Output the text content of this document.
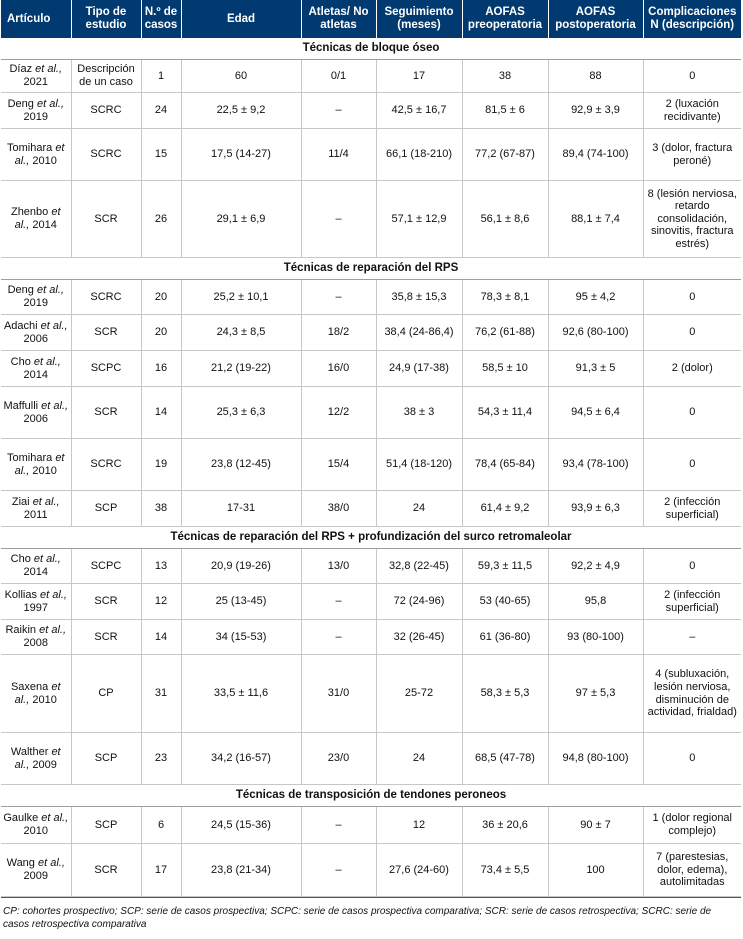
Artículo	Tipo de estudio	N.º de casos	Edad	Atletas/ No atletas	Seguimiento (meses)	AOFAS preoperatoria	AOFAS postoperatoria	Complicaciones N (descripción)
Técnicas de bloque óseo								
Díaz et al., 2021	Descripción de un caso	1	60	0/1	17	38	88	0
Deng et al., 2019	SCRC	24	22,5 ± 9,2	–	42,5 ± 16,7	81,5 ± 6	92,9 ± 3,9	2 (luxación recidivante)
Tomihara et al., 2010	SCRC	15	17,5 (14-27)	11/4	66,1 (18-210)	77,2 (67-87)	89,4 (74-100)	3 (dolor, fractura peroné)
Zhenbo et al., 2014	SCR	26	29,1 ± 6,9	–	57,1 ± 12,9	56,1 ± 8,6	88,1 ± 7,4	8 (lesión nerviosa, retardo consolidación, sinovitis, fractura estrés)
Técnicas de reparación del RPS								
Deng et al., 2019	SCRC	20	25,2 ± 10,1	–	35,8 ± 15,3	78,3 ± 8,1	95 ± 4,2	0
Adachi et al., 2006	SCR	20	24,3 ± 8,5	18/2	38,4 (24-86,4)	76,2 (61-88)	92,6 (80-100)	0
Cho et al., 2014	SCPC	16	21,2 (19-22)	16/0	24,9 (17-38)	58,5 ± 10	91,3 ± 5	2 (dolor)
Maffulli et al., 2006	SCR	14	25,3 ± 6,3	12/2	38 ± 3	54,3 ± 11,4	94,5 ± 6,4	0
Tomihara et al., 2010	SCRC	19	23,8 (12-45)	15/4	51,4 (18-120)	78,4 (65-84)	93,4 (78-100)	0
Ziai et al., 2011	SCP	38	17-31	38/0	24	61,4 ± 9,2	93,9 ± 6,3	2 (infección superficial)
Técnicas de reparación del RPS + profundización del surco retromaleolar								
Cho et al., 2014	SCPC	13	20,9 (19-26)	13/0	32,8 (22-45)	59,3 ± 11,5	92,2 ± 4,9	0
Kollias et al., 1997	SCR	12	25 (13-45)	–	72 (24-96)	53 (40-65)	95,8	2 (infección superficial)
Raikin et al., 2008	SCR	14	34 (15-53)	–	32 (26-45)	61 (36-80)	93 (80-100)	–
Saxena et al., 2010	CP	31	33,5 ± 11,6	31/0	25-72	58,3 ± 5,3	97 ± 5,3	4 (subluxación, lesión nerviosa, disminución de actividad, frialdad)
Walther et al., 2009	SCP	23	34,2 (16-57)	23/0	24	68,5 (47-78)	94,8 (80-100)	0
Técnicas de transposición de tendones peroneos								
Gaulke et al., 2010	SCP	6	24,5 (15-36)	–	12	36 ± 20,6	90 ± 7	1 (dolor regional complejo)
Wang et al., 2009	SCR	17	23,8 (21-34)	–	27,6 (24-60)	73,4 ± 5,5	100	7 (parestesias, dolor, edema), autolimitadas
CP: cohortes prospectivo; SCP: serie de casos prospectiva; SCPC: serie de casos prospectiva comparativa; SCR: serie de casos retrospectiva; SCRC: serie de casos retrospectiva comparativa
